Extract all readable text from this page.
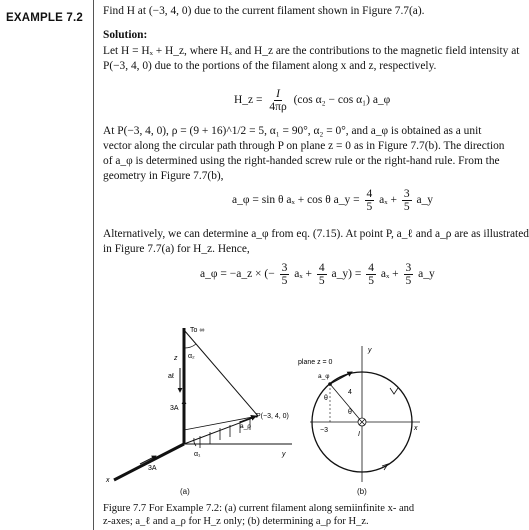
EXAMPLE 7.2
Find H at (−3, 4, 0) due to the current filament shown in Figure 7.7(a).
Solution:
Let H = Hₓ + H_z, where Hₓ and H_z are the contributions to the magnetic field intensity at
P(−3, 4, 0) due to the portions of the filament along x and z, respectively.
H_z = $\frac{I}{4\pi\rho} (\cos$ α₂ − cos α₁) a_φ
At P(−3, 4, 0), ρ = (9 + 16)^1/2 = 5, α₁ = 90°, α₂ = 0°, and a_φ is obtained as a unit
vector along the circular path through P on plane z = 0 as in Figure 7.7(b). The direction
of a_φ is determined using the right-handed screw rule or the right-hand rule. From the
geometry in Figure 7.7(b),
a_φ = sin θ aₓ + cos θ a_y = $\frac{4}{5}$ $a_x + \frac{3}{5}$ a_y
Alternatively, we can determine a_φ from eq. (7.15). At point P, a_ℓ and a_ρ are as illustrated
in Figure 7.7(a) for H_z. Hence,
a_φ = −a_z × (− $\frac{3}{5}$ $a_x + \frac{4}{5}$ a_y) = $\frac{4}{5}$ $a_x + \frac{3}{5}$ a_y
To ∞
z α₂
aℓ
3A
P(−3, 4, 0)
a_ρ
α₁	y
3A
x
y
plane z = 0
a_φ
4
θ
θ
−3
I
x
(a)	(b)
Figure 7.7 For Example 7.2: (a) current filament along semiinfinite x- and
z-axes; a_ℓ and a_ρ for H_z only; (b) determining a_ρ for H_z.
